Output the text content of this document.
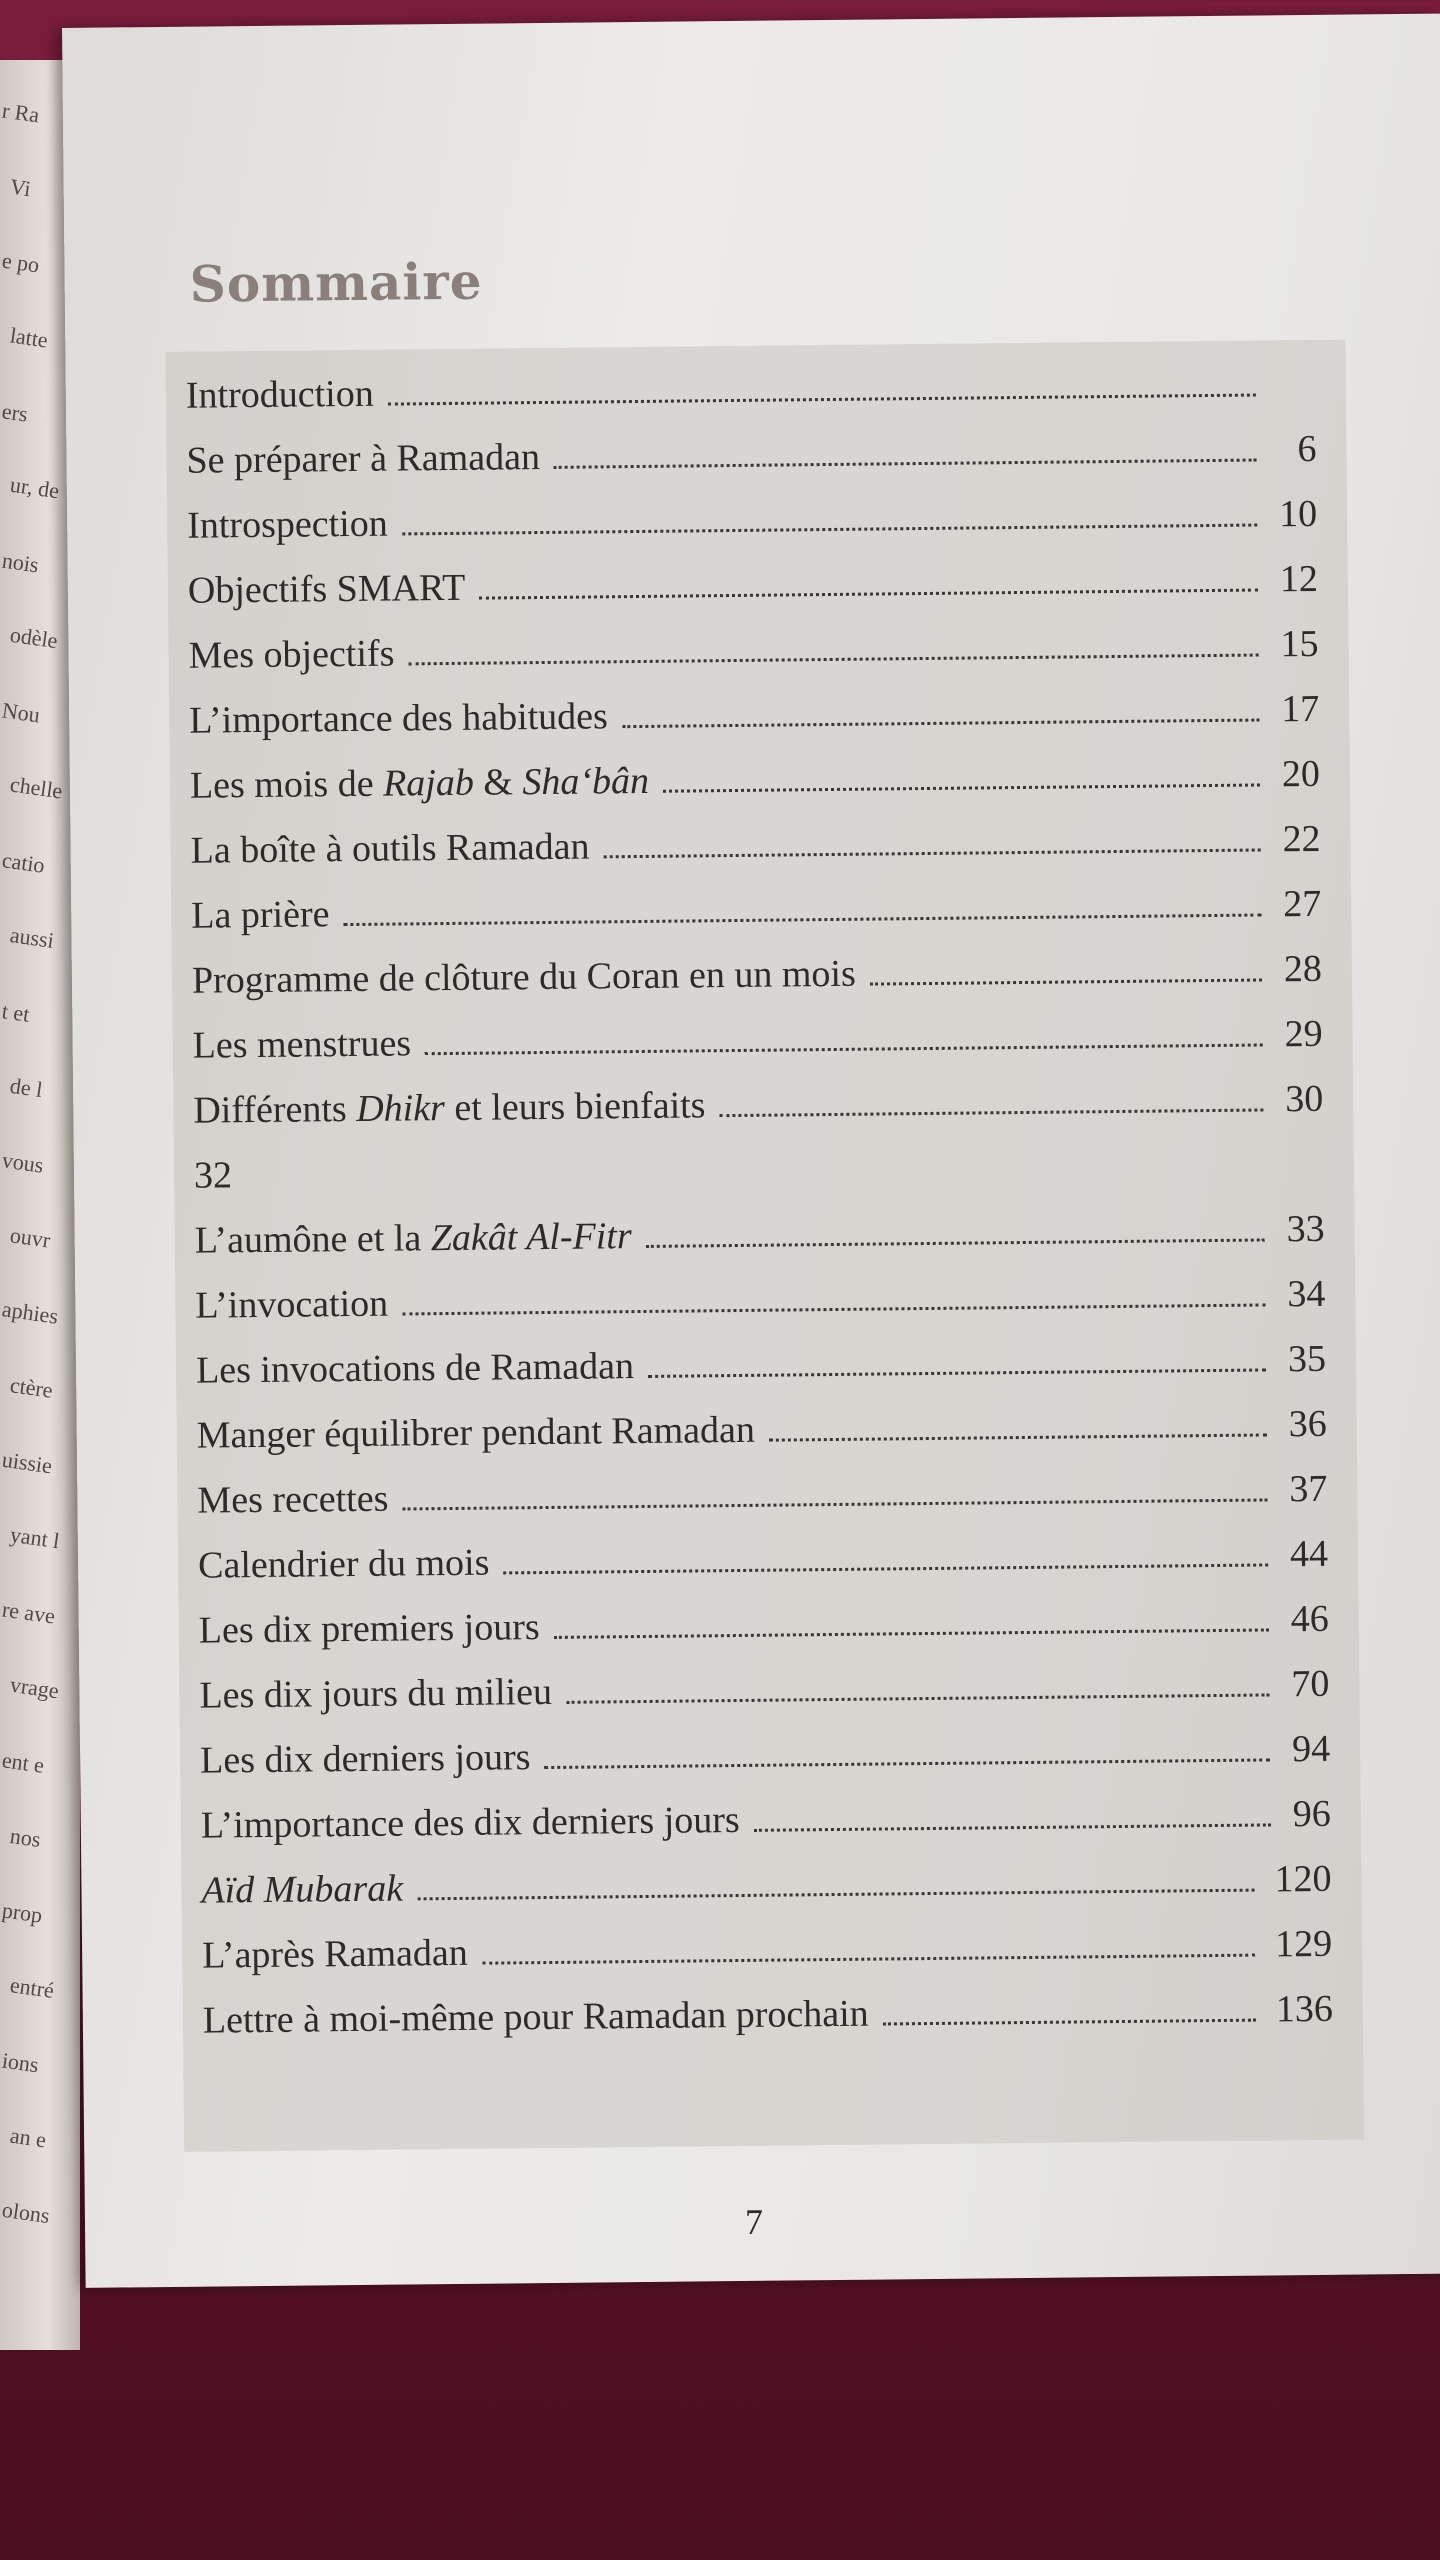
r Ra
Vi
e po
latte
ers
ur, de
nois
odèle
Nou
chelle
catio
aussi
t et
de l
vous
ouvr
aphies
ctère
uissie
yant l
re ave
vrage
ent e
nos
prop
entré
ions
an e
olons
Sommaire
Introduction
Se préparer à Ramadan	6
Introspection	10
Objectifs SMART	12
Mes objectifs	15
L’importance des habitudes	17
Les mois de Rajab & Sha‘bân	20
La boîte à outils Ramadan	22
La prière	27
Programme de clôture du Coran en un mois	28
Les menstrues	29
Différents Dhikr et leurs bienfaits	30
32
L’aumône et la Zakât Al-Fitr	33
L’invocation	34
Les invocations de Ramadan	35
Manger équilibrer pendant Ramadan	36
Mes recettes	37
Calendrier du mois	44
Les dix premiers jours	46
Les dix jours du milieu	70
Les dix derniers jours	94
L’importance des dix derniers jours	96
Aïd Mubarak	120
L’après Ramadan	129
Lettre à moi-même pour Ramadan prochain	136
7
